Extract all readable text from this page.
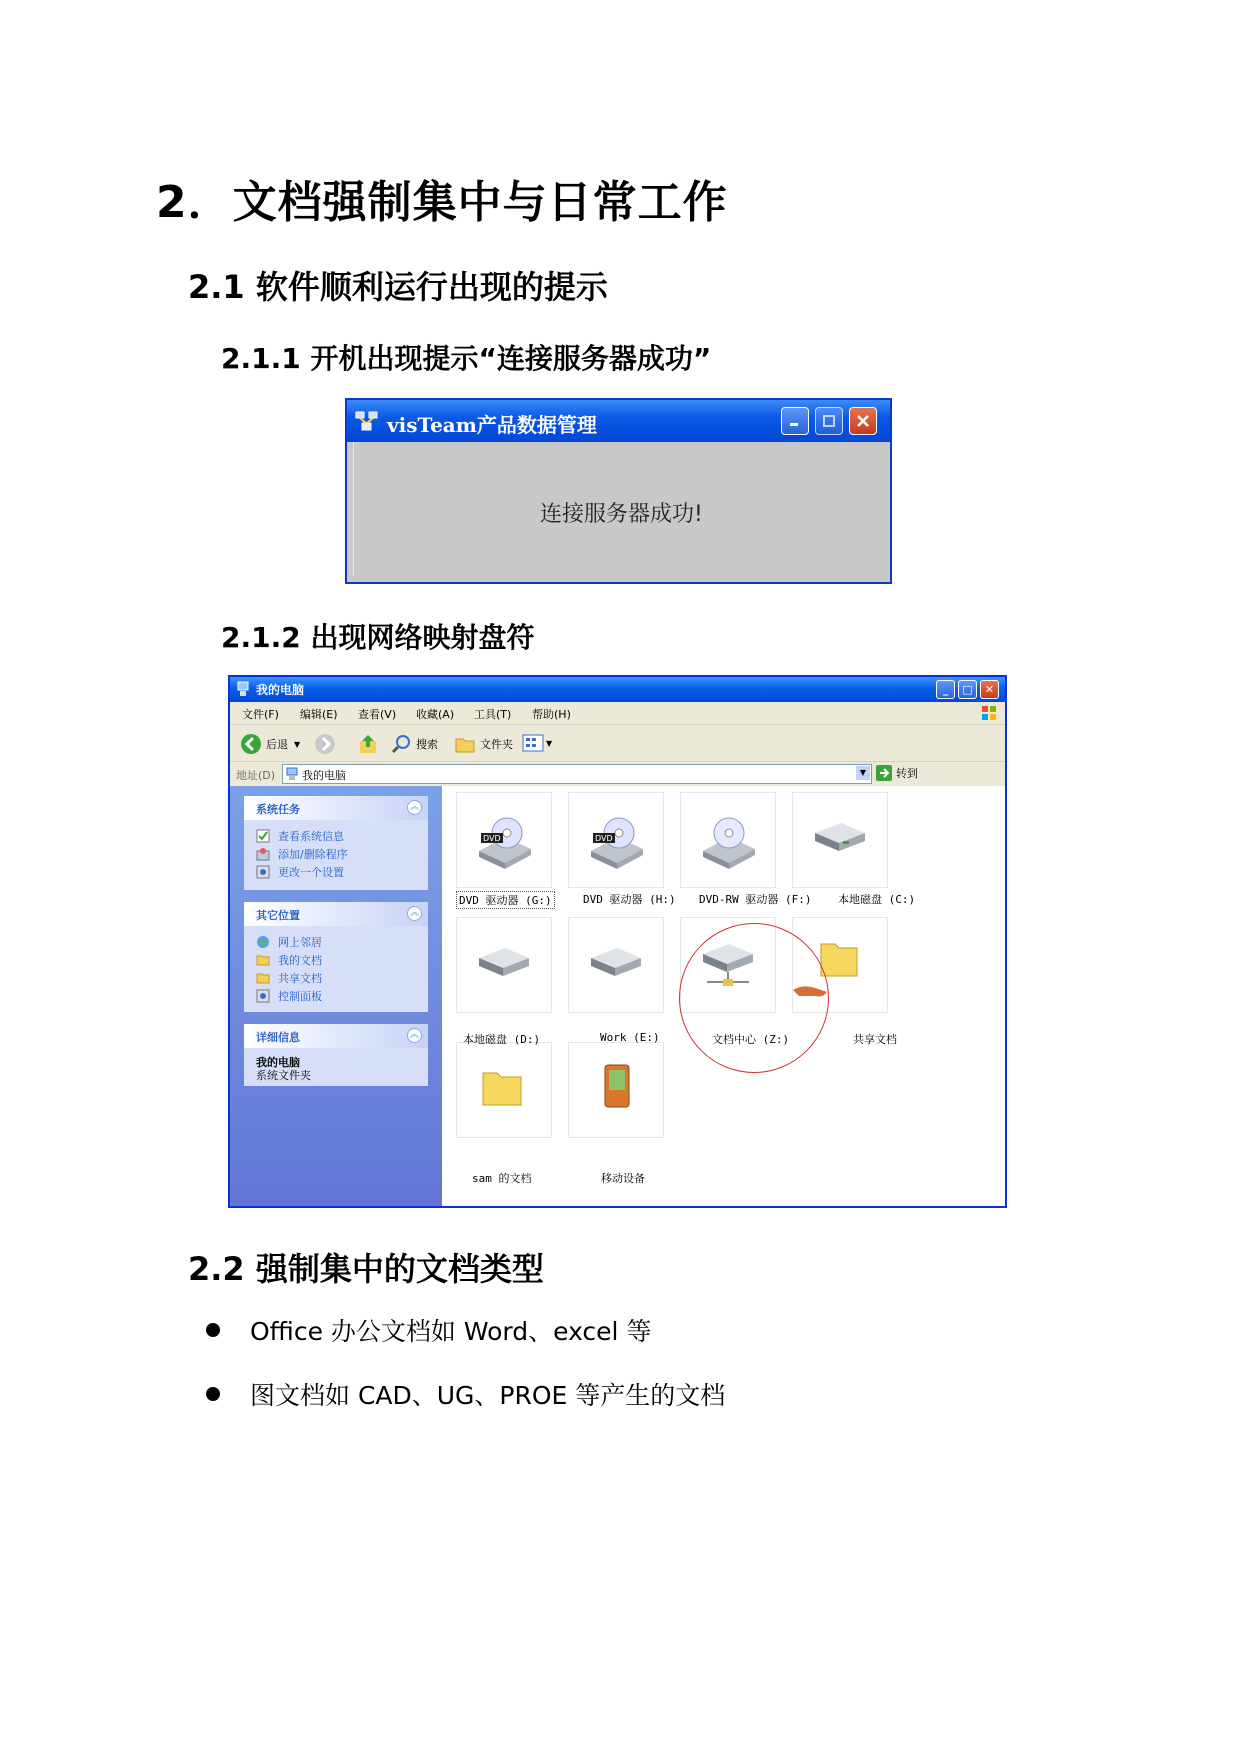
2．文档强制集中与日常工作
2.1 软件顺利运行出现的提示
2.1.1 开机出现提示“连接服务器成功”
visTeam产品数据管理
连接服务器成功!
2.1.2 出现网络映射盘符
我的电脑	_ □ ✕
文件(F) 编辑(E) 查看(V) 收藏(A) 工具(T) 帮助(H)
后退 ▼	搜索	文件夹	▼
地址(D) 我的电脑	▼	转到
系统任务	︽
查看系统信息
添加/删除程序
更改一个设置
其它位置	︽
网上邻居
我的文档
共享文档
控制面板
详细信息	︽
我的电脑
系统文件夹
DVD	DVD
DVD 驱动器 (G:)	DVD 驱动器 (H:) DVD-RW 驱动器 (F:) 本地磁盘 (C:)
本地磁盘 (D:)	Work (E:)	文档中心 (Z:)	共享文档
sam 的文档	移动设备
2.2 强制集中的文档类型
Office 办公文档如 Word、excel 等
图文档如 CAD、UG、PROE 等产生的文档
